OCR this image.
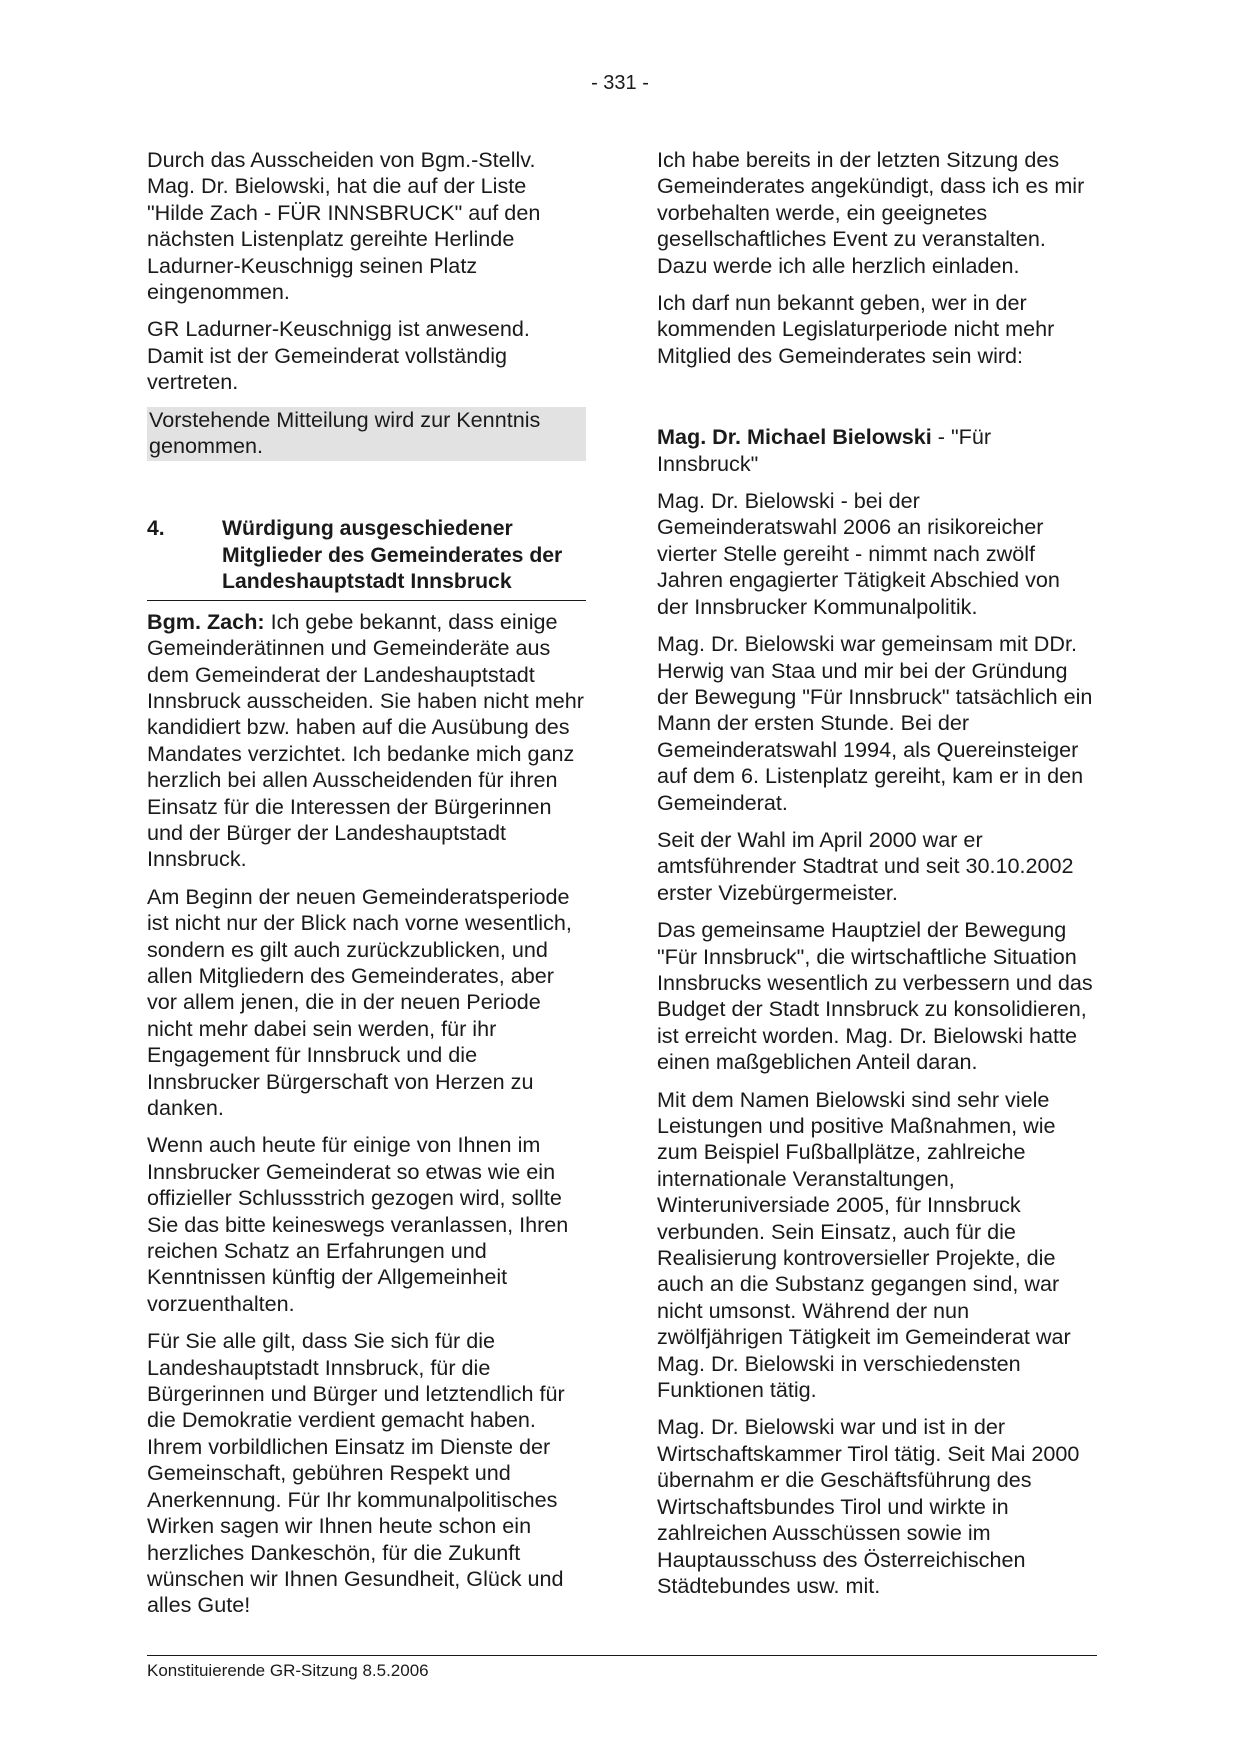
- 331 -

Durch das Ausscheiden von Bgm.-Stellv. Mag. Dr. Bielowski, hat die auf der Liste "Hilde Zach - FÜR INNSBRUCK" auf den nächsten Listenplatz gereihte Herlinde Ladurner-Keuschnigg seinen Platz eingenommen.

GR Ladurner-Keuschnigg ist anwesend. Damit ist der Gemeinderat vollständig vertreten.

Vorstehende Mitteilung wird zur Kenntnis genommen.

4.	Würdigung ausgeschiedener Mitglieder des Gemeinderates der Landeshauptstadt Innsbruck

Bgm. Zach: Ich gebe bekannt, dass einige Gemeinderätinnen und Gemeinderäte aus dem Gemeinderat der Landeshauptstadt Innsbruck ausscheiden. Sie haben nicht mehr kandidiert bzw. haben auf die Ausübung des Mandates verzichtet. Ich bedanke mich ganz herzlich bei allen Ausscheidenden für ihren Einsatz für die Interessen der Bürgerinnen und der Bürger der Landeshauptstadt Innsbruck.

Am Beginn der neuen Gemeinderatsperiode ist nicht nur der Blick nach vorne wesentlich, sondern es gilt auch zurückzublicken, und allen Mitgliedern des Gemeinderates, aber vor allem jenen, die in der neuen Periode nicht mehr dabei sein werden, für ihr Engagement für Innsbruck und die Innsbrucker Bürgerschaft von Herzen zu danken.

Wenn auch heute für einige von Ihnen im Innsbrucker Gemeinderat so etwas wie ein offizieller Schlussstrich gezogen wird, sollte Sie das bitte keineswegs veranlassen, Ihren reichen Schatz an Erfahrungen und Kenntnissen künftig der Allgemeinheit vorzuenthalten.

Für Sie alle gilt, dass Sie sich für die Landeshauptstadt Innsbruck, für die Bürgerinnen und Bürger und letztendlich für die Demokratie verdient gemacht haben. Ihrem vorbildlichen Einsatz im Dienste der Gemeinschaft, gebühren Respekt und Anerkennung. Für Ihr kommunalpolitisches Wirken sagen wir Ihnen heute schon ein herzliches Dankeschön, für die Zukunft wünschen wir Ihnen Gesundheit, Glück und alles Gute!

Ich habe bereits in der letzten Sitzung des Gemeinderates angekündigt, dass ich es mir vorbehalten werde, ein geeignetes gesellschaftliches Event zu veranstalten. Dazu werde ich alle herzlich einladen.

Ich darf nun bekannt geben, wer in der kommenden Legislaturperiode nicht mehr Mitglied des Gemeinderates sein wird:

Mag. Dr. Michael Bielowski - "Für Innsbruck"

Mag. Dr. Bielowski - bei der Gemeinderatswahl 2006 an risikoreicher vierter Stelle gereiht - nimmt nach zwölf Jahren engagierter Tätigkeit Abschied von der Innsbrucker Kommunalpolitik.

Mag. Dr. Bielowski war gemeinsam mit DDr. Herwig van Staa und mir bei der Gründung der Bewegung "Für Innsbruck" tatsächlich ein Mann der ersten Stunde. Bei der Gemeinderatswahl 1994, als Quereinsteiger auf dem 6. Listenplatz gereiht, kam er in den Gemeinderat.

Seit der Wahl im April 2000 war er amtsführender Stadtrat und seit 30.10.2002 erster Vizebürgermeister.

Das gemeinsame Hauptziel der Bewegung "Für Innsbruck", die wirtschaftliche Situation Innsbrucks wesentlich zu verbessern und das Budget der Stadt Innsbruck zu konsolidieren, ist erreicht worden. Mag. Dr. Bielowski hatte einen maßgeblichen Anteil daran.

Mit dem Namen Bielowski sind sehr viele Leistungen und positive Maßnahmen, wie zum Beispiel Fußballplätze, zahlreiche internationale Veranstaltungen, Winteruniversiade 2005, für Innsbruck verbunden. Sein Einsatz, auch für die Realisierung kontroversieller Projekte, die auch an die Substanz gegangen sind, war nicht umsonst. Während der nun zwölfjährigen Tätigkeit im Gemeinderat war Mag. Dr. Bielowski in verschiedensten Funktionen tätig.

Mag. Dr. Bielowski war und ist in der Wirtschaftskammer Tirol tätig. Seit Mai 2000 übernahm er die Geschäftsführung des Wirtschaftsbundes Tirol und wirkte in zahlreichen Ausschüssen sowie im Hauptausschuss des Österreichischen Städtebundes usw. mit.

Konstituierende GR-Sitzung 8.5.2006
